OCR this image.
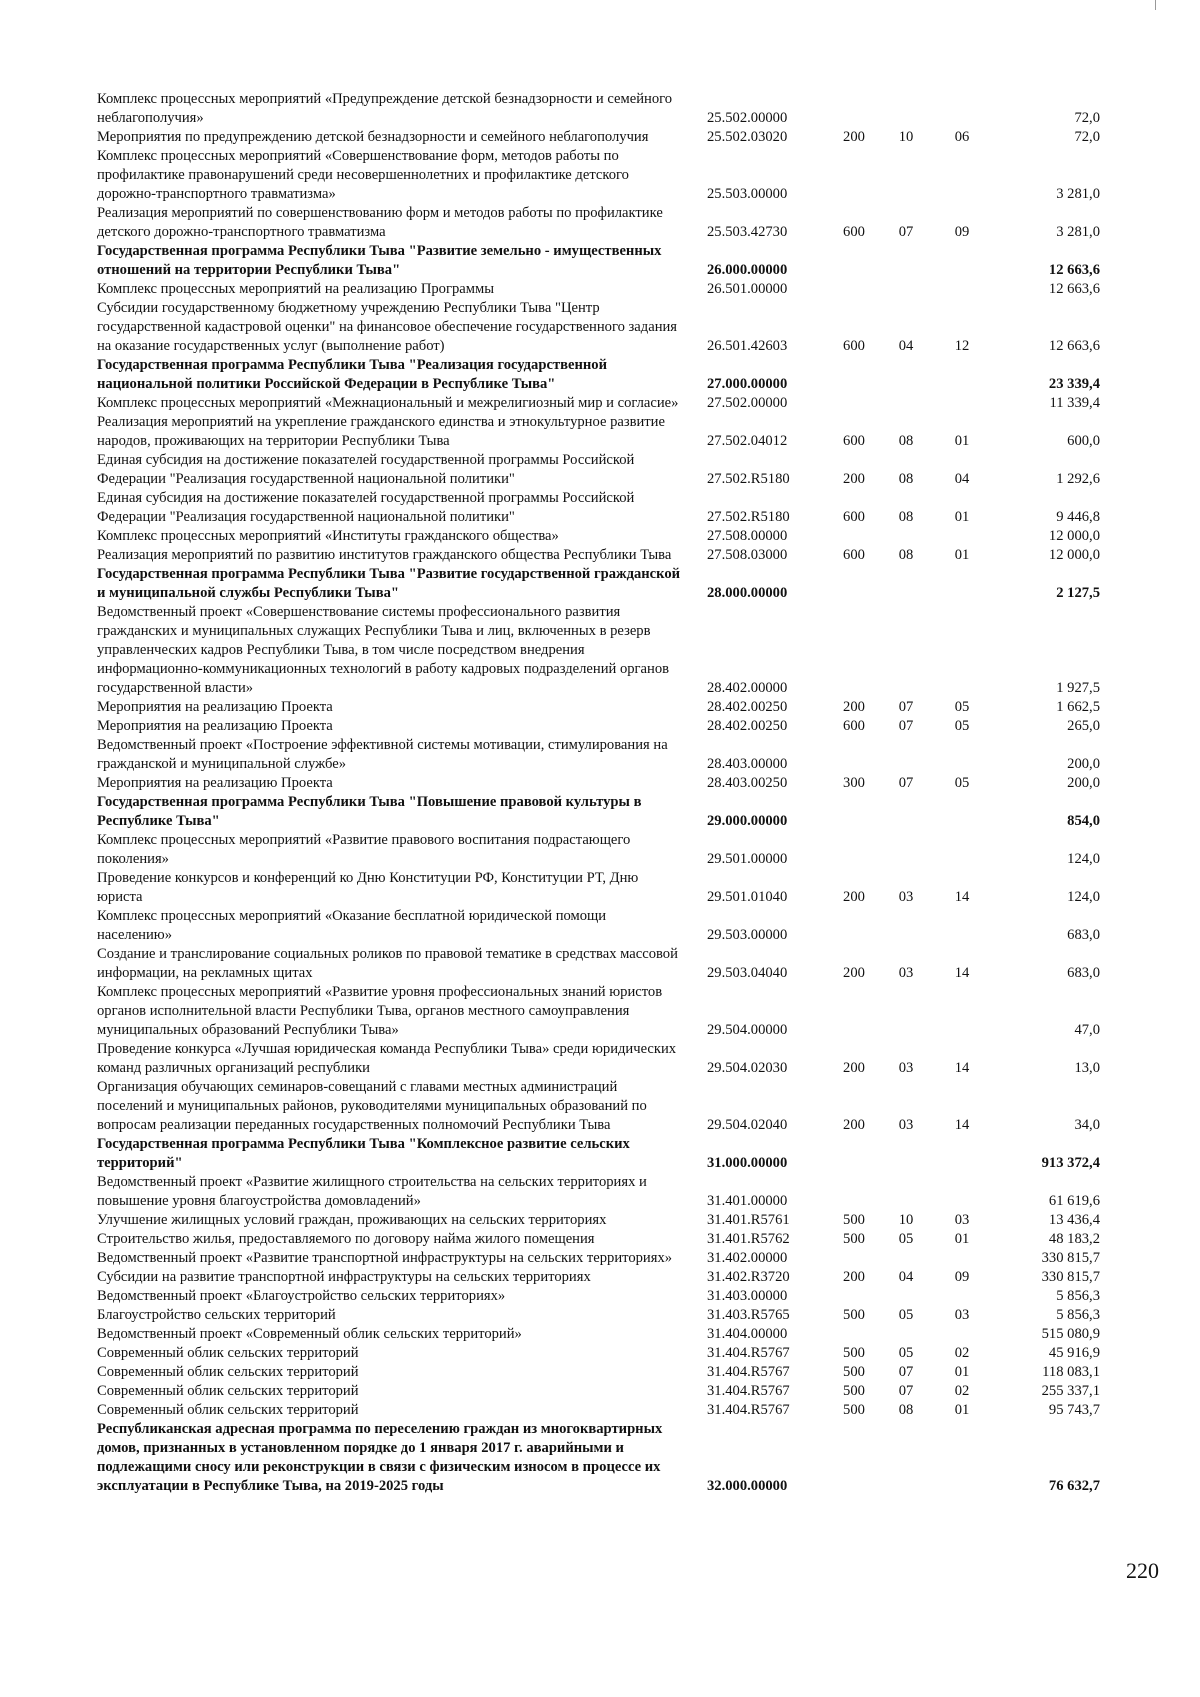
Комплекс процессных мероприятий «Предупреждение детской безнадзорности и семейного неблагополучия»	25.502.00000	72,0
Мероприятия по предупреждению детской безнадзорности и семейного неблагополучия	25.502.03020	200	10	06	72,0
Комплекс процессных мероприятий «Совершенствование форм, методов работы по профилактике правонарушений среди несовершеннолетних и профилактике детского дорожно-транспортного травматизма»	25.503.00000	3 281,0
Реализация мероприятий по совершенствованию форм и методов работы по профилактике детского дорожно-транспортного травматизма	25.503.42730	600	07	09	3 281,0
Государственная программа Республики Тыва "Развитие земельно - имущественных отношений на территории Республики Тыва"	26.000.00000	12 663,6
Комплекс процессных мероприятий на реализацию Программы	26.501.00000	12 663,6
Субсидии государственному бюджетному учреждению Республики Тыва "Центр государственной кадастровой оценки" на финансовое обеспечение государственного задания на оказание государственных услуг (выполнение работ)	26.501.42603	600	04	12	12 663,6
Государственная программа Республики Тыва "Реализация государственной национальной политики Российской Федерации в Республике Тыва"	27.000.00000	23 339,4
Комплекс процессных мероприятий «Межнациональный и межрелигиозный мир и согласие» 27.502.00000	11 339,4
Реализация мероприятий на укрепление гражданского единства и этнокультурное развитие народов, проживающих на территории Республики Тыва	27.502.04012	600	08	01	600,0
Единая субсидия на достижение показателей государственной программы Российской Федерации "Реализация государственной национальной политики"	27.502.R5180	200	08	04	1 292,6
Единая субсидия на достижение показателей государственной программы Российской Федерации "Реализация государственной национальной политики"	27.502.R5180	600	08	01	9 446,8
Комплекс процессных мероприятий «Институты гражданского общества»	27.508.00000	12 000,0
Реализация мероприятий по развитию институтов гражданского общества Республики Тыва	27.508.03000	600	08	01	12 000,0
Государственная программа Республики Тыва "Развитие государственной гражданской и муниципальной службы Республики Тыва"	28.000.00000	2 127,5
Ведомственный проект «Совершенствование системы профессионального развития гражданских и муниципальных служащих Республики Тыва и лиц, включенных в резерв управленческих кадров Республики Тыва, в том числе посредством внедрения информационно-коммуникационных технологий в работу кадровых подразделений органов государственной власти»	28.402.00000	1 927,5
Мероприятия на реализацию Проекта	28.402.00250	200	07	05	1 662,5
Мероприятия на реализацию Проекта	28.402.00250	600	07	05	265,0
Ведомственный проект «Построение эффективной системы мотивации, стимулирования на гражданской и муниципальной службе»	28.403.00000	200,0
Мероприятия на реализацию Проекта	28.403.00250	300	07	05	200,0
Государственная программа Республики Тыва "Повышение правовой культуры в Республике Тыва"	29.000.00000	854,0
Комплекс процессных мероприятий «Развитие правового воспитания подрастающего поколения»	29.501.00000	124,0
Проведение конкурсов и конференций ко Дню Конституции РФ, Конституции РТ, Дню юриста	29.501.01040	200	03	14	124,0
Комплекс процессных мероприятий «Оказание бесплатной юридической помощи населению»	29.503.00000	683,0
Создание и транслирование социальных роликов по правовой тематике в средствах массовой информации, на рекламных щитах	29.503.04040	200	03	14	683,0
Комплекс процессных мероприятий «Развитие уровня профессиональных знаний юристов органов исполнительной власти Республики Тыва, органов местного самоуправления муниципальных образований Республики Тыва»	29.504.00000	47,0
Проведение конкурса «Лучшая юридическая команда Республики Тыва» среди юридических команд различных организаций республики	29.504.02030	200	03	14	13,0
Организация обучающих семинаров-совещаний с главами местных администраций поселений и муниципальных районов, руководителями муниципальных образований по вопросам реализации переданных государственных полномочий Республики Тыва	29.504.02040	200	03	14	34,0
Государственная программа Республики Тыва "Комплексное развитие сельских территорий"	31.000.00000	913 372,4
Ведомственный проект «Развитие жилищного строительства на сельских территориях и повышение уровня благоустройства домовладений»	31.401.00000	61 619,6
Улучшение жилищных условий граждан, проживающих на сельских территориях	31.401.R5761	500	10	03	13 436,4
Строительство жилья, предоставляемого по договору найма жилого помещения	31.401.R5762	500	05	01	48 183,2
Ведомственный проект «Развитие транспортной инфраструктуры на сельских территориях»	31.402.00000	330 815,7
Субсидии на развитие транспортной инфраструктуры на сельских территориях	31.402.R3720	200	04	09	330 815,7
Ведомственный проект «Благоустройство сельских территориях»	31.403.00000	5 856,3
Благоустройство сельских территорий	31.403.R5765	500	05	03	5 856,3
Ведомственный проект «Современный облик сельских территорий»	31.404.00000	515 080,9
Современный облик сельских территорий	31.404.R5767	500	05	02	45 916,9
Современный облик сельских территорий	31.404.R5767	500	07	01	118 083,1
Современный облик сельских территорий	31.404.R5767	500	07	02	255 337,1
Современный облик сельских территорий	31.404.R5767	500	08	01	95 743,7
Республиканская адресная программа по переселению граждан из многоквартирных домов, признанных в установленном порядке до 1 января 2017 г. аварийными и подлежащими сносу или реконструкции в связи с физическим износом в процессе их эксплуатации в Республике Тыва, на 2019-2025 годы	32.000.00000	76 632,7
220
